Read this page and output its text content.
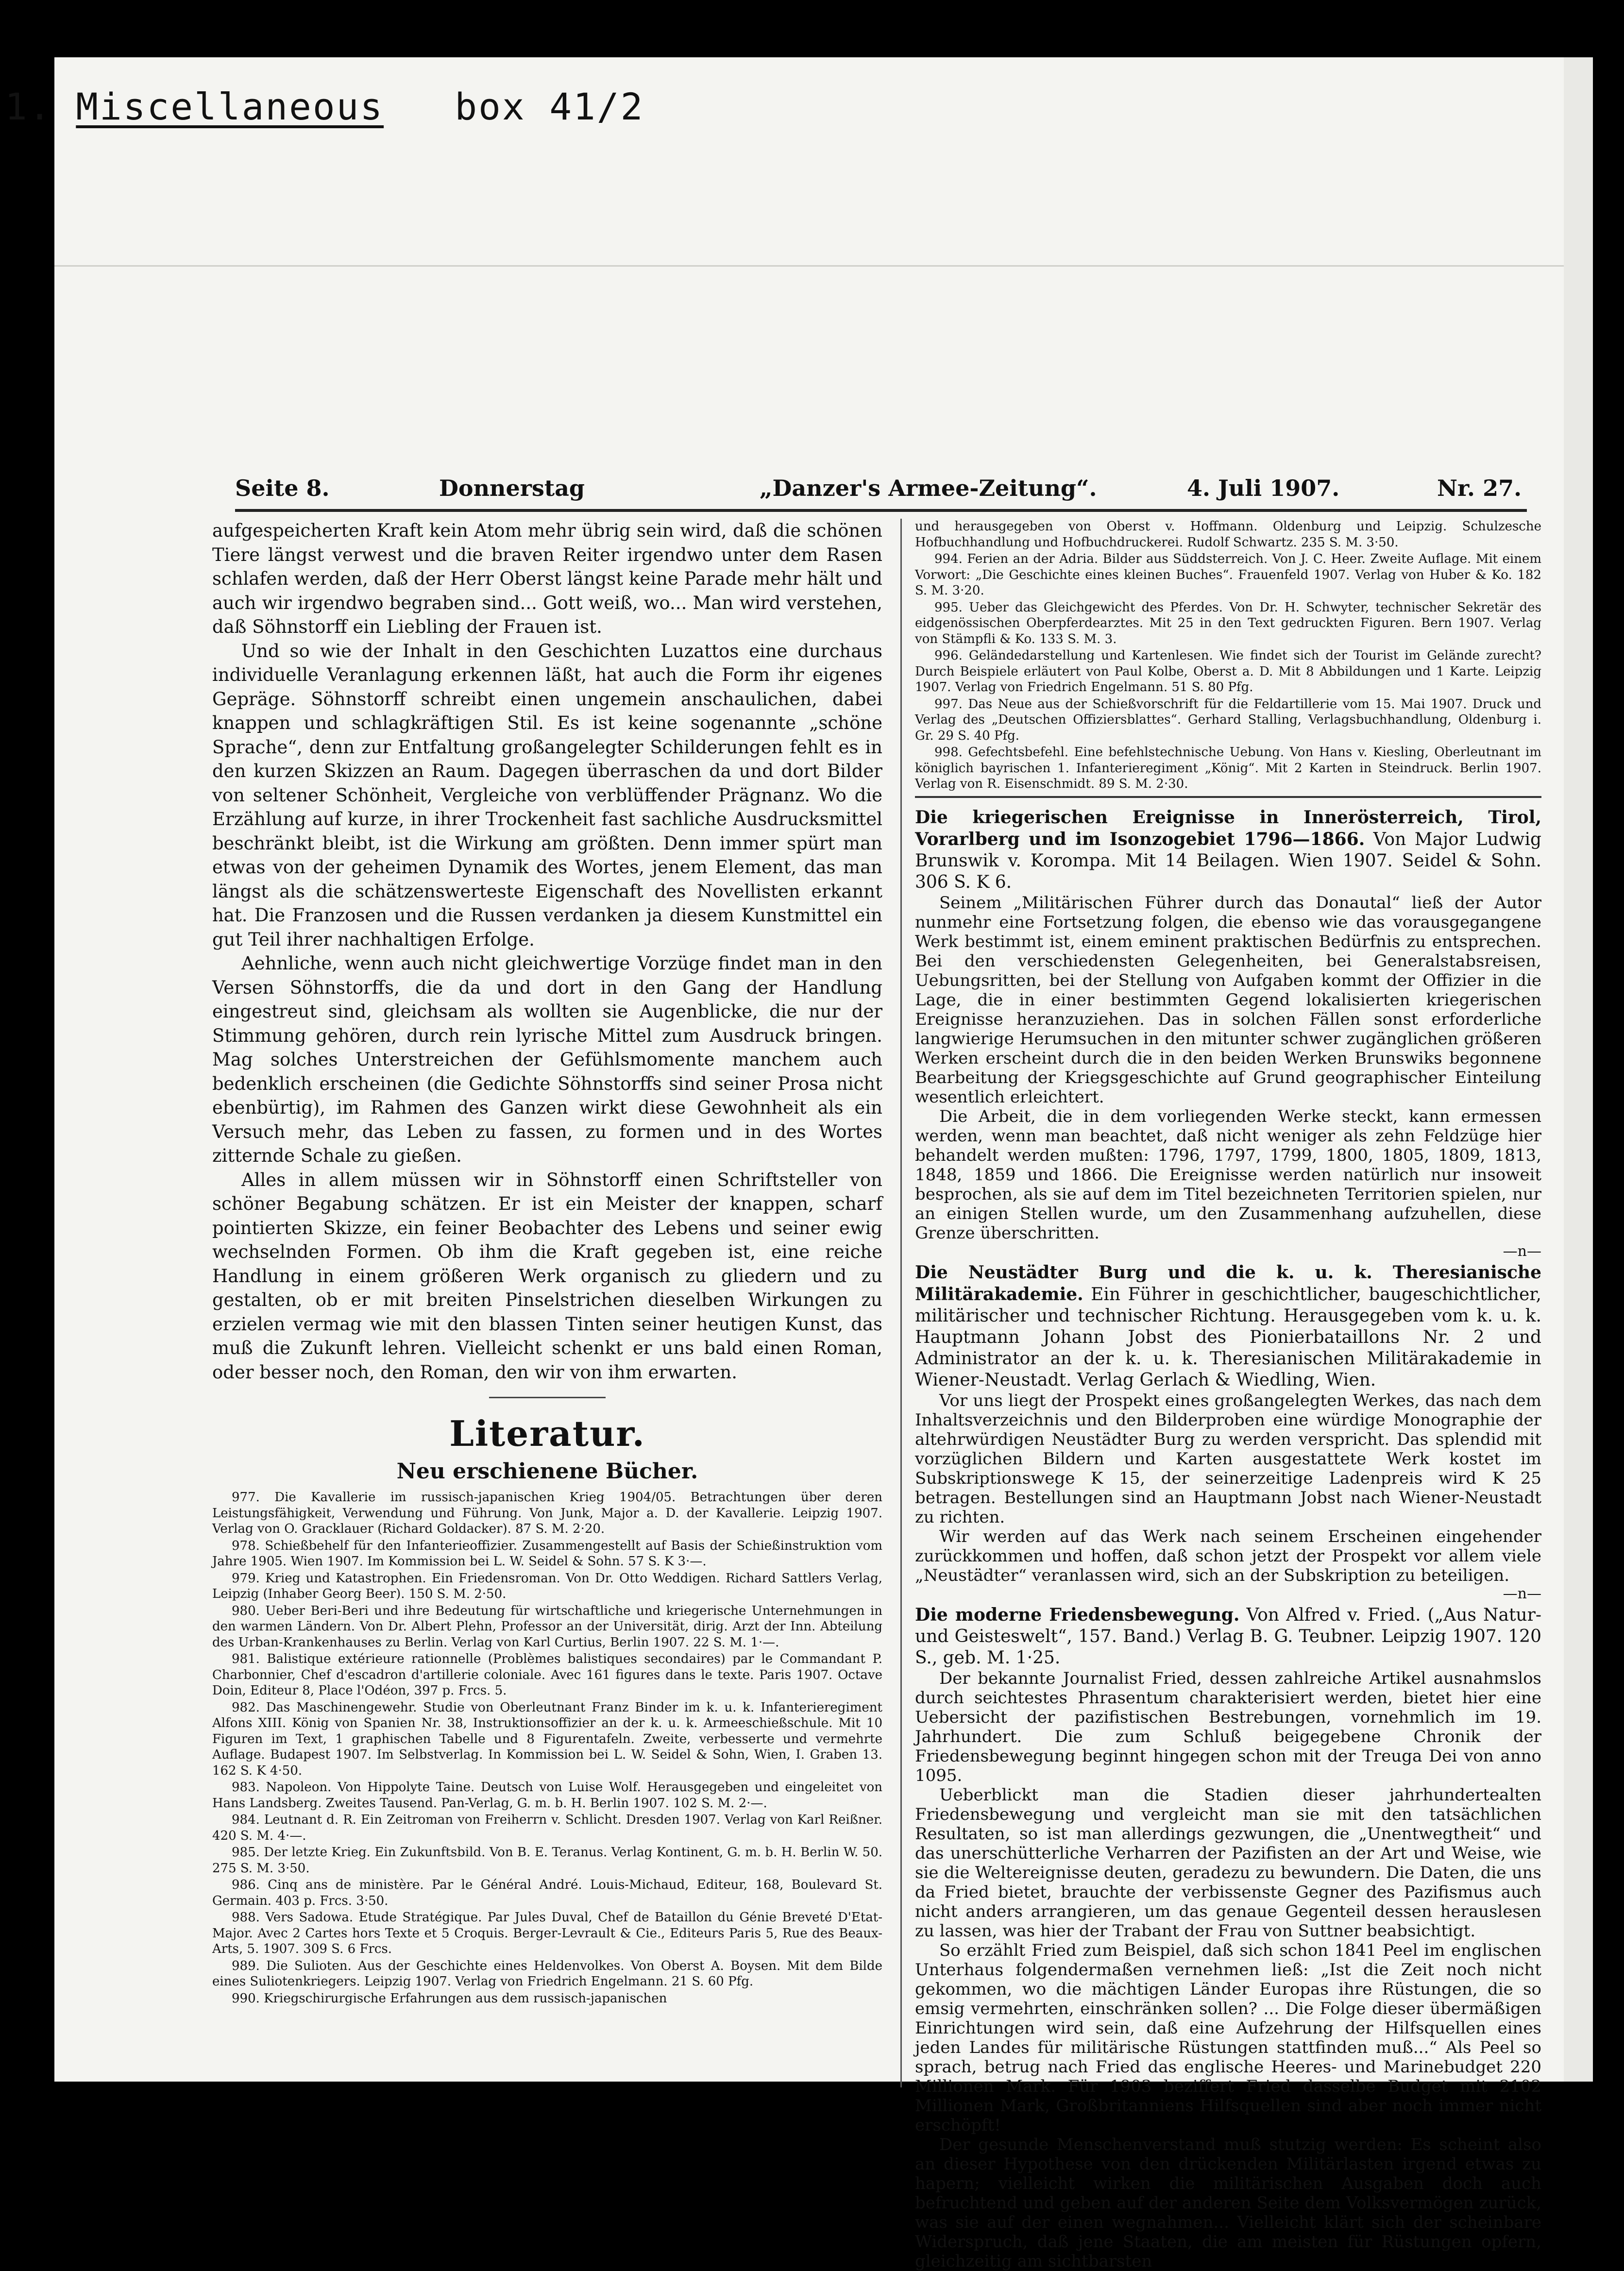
Seite 8.	Donnerstag	„Danzer's Armee-Zeitung“.	4. Juli 1907.	Nr. 27.

aufgespeicherten Kraft kein Atom mehr übrig sein wird, daß die schönen Tiere längst verwest und die braven Reiter irgendwo unter dem Rasen schlafen werden, daß der Herr Oberst längst keine Parade mehr hält und auch wir irgendwo begraben sind... Gott weiß, wo... Man wird verstehen, daß Söhnstorff ein Liebling der Frauen ist.

Und so wie der Inhalt in den Geschichten Luzattos eine durchaus individuelle Veranlagung erkennen läßt, hat auch die Form ihr eigenes Gepräge. Söhnstorff schreibt einen ungemein anschaulichen, dabei knappen und schlagkräftigen Stil. Es ist keine sogenannte „schöne Sprache“, denn zur Entfaltung großangelegter Schilderungen fehlt es in den kurzen Skizzen an Raum. Dagegen überraschen da und dort Bilder von seltener Schönheit, Vergleiche von verblüffender Prägnanz. Wo die Erzählung auf kurze, in ihrer Trockenheit fast sachliche Ausdrucksmittel beschränkt bleibt, ist die Wirkung am größten. Denn immer spürt man etwas von der geheimen Dynamik des Wortes, jenem Element, das man längst als die schätzenswerteste Eigenschaft des Novellisten erkannt hat. Die Franzosen und die Russen verdanken ja diesem Kunstmittel ein gut Teil ihrer nachhaltigen Erfolge.

Aehnliche, wenn auch nicht gleichwertige Vorzüge findet man in den Versen Söhnstorffs, die da und dort in den Gang der Handlung eingestreut sind, gleichsam als wollten sie Augenblicke, die nur der Stimmung gehören, durch rein lyrische Mittel zum Ausdruck bringen. Mag solches Unterstreichen der Gefühlsmomente manchem auch bedenklich erscheinen (die Gedichte Söhnstorffs sind seiner Prosa nicht ebenbürtig), im Rahmen des Ganzen wirkt diese Gewohnheit als ein Versuch mehr, das Leben zu fassen, zu formen und in des Wortes zitternde Schale zu gießen.

Alles in allem müssen wir in Söhnstorff einen Schriftsteller von schöner Begabung schätzen. Er ist ein Meister der knappen, scharf pointierten Skizze, ein feiner Beobachter des Lebens und seiner ewig wechselnden Formen. Ob ihm die Kraft gegeben ist, eine reiche Handlung in einem größeren Werk organisch zu gliedern und zu gestalten, ob er mit breiten Pinselstrichen dieselben Wirkungen zu erzielen vermag wie mit den blassen Tinten seiner heutigen Kunst, das muß die Zukunft lehren. Vielleicht schenkt er uns bald einen Roman, oder besser noch, den Roman, den wir von ihm erwarten.

Literatur.
Neu erschienene Bücher.

977. Die Kavallerie im russisch-japanischen Krieg 1904/05. Betrachtungen über deren Leistungsfähigkeit, Verwendung und Führung. Von Junk, Major a. D. der Kavallerie. Leipzig 1907. Verlag von O. Gracklauer (Richard Goldacker). 87 S. M. 2·20.

978. Schießbehelf für den Infanterieoffizier. Zusammengestellt auf Basis der Schießinstruktion vom Jahre 1905. Wien 1907. Im Kommission bei L. W. Seidel & Sohn. 57 S. K 3·—.

979. Krieg und Katastrophen. Ein Friedensroman. Von Dr. Otto Weddigen. Richard Sattlers Verlag, Leipzig (Inhaber Georg Beer). 150 S. M. 2·50.

980. Ueber Beri-Beri und ihre Bedeutung für wirtschaftliche und kriegerische Unternehmungen in den warmen Ländern. Von Dr. Albert Plehn, Professor an der Universität, dirig. Arzt der Inn. Abteilung des Urban-Krankenhauses zu Berlin. Verlag von Karl Curtius, Berlin 1907. 22 S. M. 1·—.

981. Balistique extérieure rationnelle (Problèmes balistiques secondaires) par le Commandant P. Charbonnier, Chef d'escadron d'artillerie coloniale. Avec 161 figures dans le texte. Paris 1907. Octave Doin, Editeur 8, Place l'Odéon, 397 p. Frcs. 5.

982. Das Maschinengewehr. Studie von Oberleutnant Franz Binder im k. u. k. Infanterieregiment Alfons XIII. König von Spanien Nr. 38, Instruktionsoffizier an der k. u. k. Armeeschießschule. Mit 10 Figuren im Text, 1 graphischen Tabelle und 8 Figurentafeln. Zweite, verbesserte und vermehrte Auflage. Budapest 1907. Im Selbstverlag. In Kommission bei L. W. Seidel & Sohn, Wien, I. Graben 13. 162 S. K 4·50.

983. Napoleon. Von Hippolyte Taine. Deutsch von Luise Wolf. Herausgegeben und eingeleitet von Hans Landsberg. Zweites Tausend. Pan-Verlag, G. m. b. H. Berlin 1907. 102 S. M. 2·—.

984. Leutnant d. R. Ein Zeitroman von Freiherrn v. Schlicht. Dresden 1907. Verlag von Karl Reißner. 420 S. M. 4·—.

985. Der letzte Krieg. Ein Zukunftsbild. Von B. E. Teranus. Verlag Kontinent, G. m. b. H. Berlin W. 50. 275 S. M. 3·50.

986. Cinq ans de ministère. Par le Général André. Louis-Michaud, Editeur, 168, Boulevard St. Germain. 403 p. Frcs. 3·50.

988. Vers Sadowa. Etude Stratégique. Par Jules Duval, Chef de Bataillon du Génie Breveté D'Etat-Major. Avec 2 Cartes hors Texte et 5 Croquis. Berger-Levrault & Cie., Editeurs Paris 5, Rue des Beaux-Arts, 5. 1907. 309 S. 6 Frcs.

989. Die Sulioten. Aus der Geschichte eines Heldenvolkes. Von Oberst A. Boysen. Mit dem Bilde eines Suliotenkriegers. Leipzig 1907. Verlag von Friedrich Engelmann. 21 S. 60 Pfg.

990. Kriegschirurgische Erfahrungen aus dem russisch-japanischen

und herausgegeben von Oberst v. Hoffmann. Oldenburg und Leipzig. Schulzesche Hofbuchhandlung und Hofbuchdruckerei. Rudolf Schwartz. 235 S. M. 3·50.

994. Ferien an der Adria. Bilder aus Süddsterreich. Von J. C. Heer. Zweite Auflage. Mit einem Vorwort: „Die Geschichte eines kleinen Buches“. Frauenfeld 1907. Verlag von Huber & Ko. 182 S. M. 3·20.

995. Ueber das Gleichgewicht des Pferdes. Von Dr. H. Schwyter, technischer Sekretär des eidgenössischen Oberpferdearztes. Mit 25 in den Text gedruckten Figuren. Bern 1907. Verlag von Stämpfli & Ko. 133 S. M. 3.

996. Geländedarstellung und Kartenlesen. Wie findet sich der Tourist im Gelände zurecht? Durch Beispiele erläutert von Paul Kolbe, Oberst a. D. Mit 8 Abbildungen und 1 Karte. Leipzig 1907. Verlag von Friedrich Engelmann. 51 S. 80 Pfg.

997. Das Neue aus der Schießvorschrift für die Feldartillerie vom 15. Mai 1907. Druck und Verlag des „Deutschen Offiziersblattes“. Gerhard Stalling, Verlagsbuchhandlung, Oldenburg i. Gr. 29 S. 40 Pfg.

998. Gefechtsbefehl. Eine befehlstechnische Uebung. Von Hans v. Kiesling, Oberleutnant im königlich bayrischen 1. Infanterieregiment „König“. Mit 2 Karten in Steindruck. Berlin 1907. Verlag von R. Eisenschmidt. 89 S. M. 2·30.

Die kriegerischen Ereignisse in Innerösterreich, Tirol, Vorarlberg und im Isonzogebiet 1796—1866. Von Major Ludwig Brunswik v. Korompa. Mit 14 Beilagen. Wien 1907. Seidel & Sohn. 306 S. K 6.

Seinem „Militärischen Führer durch das Donautal“ ließ der Autor nunmehr eine Fortsetzung folgen, die ebenso wie das vorausgegangene Werk bestimmt ist, einem eminent praktischen Bedürfnis zu entsprechen. Bei den verschiedensten Gelegenheiten, bei Generalstabsreisen, Uebungsritten, bei der Stellung von Aufgaben kommt der Offizier in die Lage, die in einer bestimmten Gegend lokalisierten kriegerischen Ereignisse heranzuziehen. Das in solchen Fällen sonst erforderliche langwierige Herumsuchen in den mitunter schwer zugänglichen größeren Werken erscheint durch die in den beiden Werken Brunswiks begonnene Bearbeitung der Kriegsgeschichte auf Grund geographischer Einteilung wesentlich erleichtert.

Die Arbeit, die in dem vorliegenden Werke steckt, kann ermessen werden, wenn man beachtet, daß nicht weniger als zehn Feldzüge hier behandelt werden mußten: 1796, 1797, 1799, 1800, 1805, 1809, 1813, 1848, 1859 und 1866. Die Ereignisse werden natürlich nur insoweit besprochen, als sie auf dem im Titel bezeichneten Territorien spielen, nur an einigen Stellen wurde, um den Zusammenhang aufzuhellen, diese Grenze überschritten.

—n—

Die Neustädter Burg und die k. u. k. Theresianische Militärakademie. Ein Führer in geschichtlicher, baugeschichtlicher, militärischer und technischer Richtung. Herausgegeben vom k. u. k. Hauptmann Johann Jobst des Pionierbataillons Nr. 2 und Administrator an der k. u. k. Theresianischen Militärakademie in Wiener-Neustadt. Verlag Gerlach & Wiedling, Wien.

Vor uns liegt der Prospekt eines großangelegten Werkes, das nach dem Inhaltsverzeichnis und den Bilderproben eine würdige Monographie der altehrwürdigen Neustädter Burg zu werden verspricht. Das splendid mit vorzüglichen Bildern und Karten ausgestattete Werk kostet im Subskriptionswege K 15, der seinerzeitige Ladenpreis wird K 25 betragen. Bestellungen sind an Hauptmann Jobst nach Wiener-Neustadt zu richten.

Wir werden auf das Werk nach seinem Erscheinen eingehender zurückkommen und hoffen, daß schon jetzt der Prospekt vor allem viele „Neustädter“ veranlassen wird, sich an der Subskription zu beteiligen.

—n—

Die moderne Friedensbewegung. Von Alfred v. Fried. („Aus Natur- und Geisteswelt“, 157. Band.) Verlag B. G. Teubner. Leipzig 1907. 120 S., geb. M. 1·25.

Der bekannte Journalist Fried, dessen zahlreiche Artikel ausnahmslos durch seichtestes Phrasentum charakterisiert werden, bietet hier eine Uebersicht der pazifistischen Bestrebungen, vornehmlich im 19. Jahrhundert. Die zum Schluß beigegebene Chronik der Friedensbewegung beginnt hingegen schon mit der Treuga Dei von anno 1095.

Ueberblickt man die Stadien dieser jahrhundertealten Friedensbewegung und vergleicht man sie mit den tatsächlichen Resultaten, so ist man allerdings gezwungen, die „Unentwegtheit“ und das unerschütterliche Verharren der Pazifisten an der Art und Weise, wie sie die Weltereignisse deuten, geradezu zu bewundern. Die Daten, die uns da Fried bietet, brauchte der verbissenste Gegner des Pazifismus auch nicht anders arrangieren, um das genaue Gegenteil dessen herauslesen zu lassen, was hier der Trabant der Frau von Suttner beabsichtigt.

So erzählt Fried zum Beispiel, daß sich schon 1841 Peel im englischen Unterhaus folgendermaßen vernehmen ließ: „Ist die Zeit noch nicht gekommen, wo die mächtigen Länder Europas ihre Rüstungen, die so emsig vermehrten, einschränken sollen? ... Die Folge dieser übermäßigen Einrichtungen wird sein, daß eine Aufzehrung der Hilfsquellen eines jeden Landes für militärische Rüstungen stattfinden muß...“ Als Peel so sprach, betrug nach Fried das englische Heeres- und Marinebudget 220 Millionen Mark. Für 1903 beziffert Fried dasselbe Budget mit 2102 Millionen Mark, Großbritanniens Hilfsquellen sind aber noch immer nicht erschöpft!

Der gesunde Menschenverstand muß stutzig werden: Es scheint also an dieser Hypothese von den drückenden Militärlasten irgend etwas zu hapern; vielleicht wirken die militärischen Ausgaben doch auch befruchtend und geben auf der anderen Seite dem Volksvermögen zurück, was sie auf der einen wegnahmen... Vielleicht klärt sich der scheinbare Widerspruch, daß jene Staaten, die am meisten für Rüstungen opfern, gleichzeitig am sichtbarsten

1. Miscellaneous box 41/2
